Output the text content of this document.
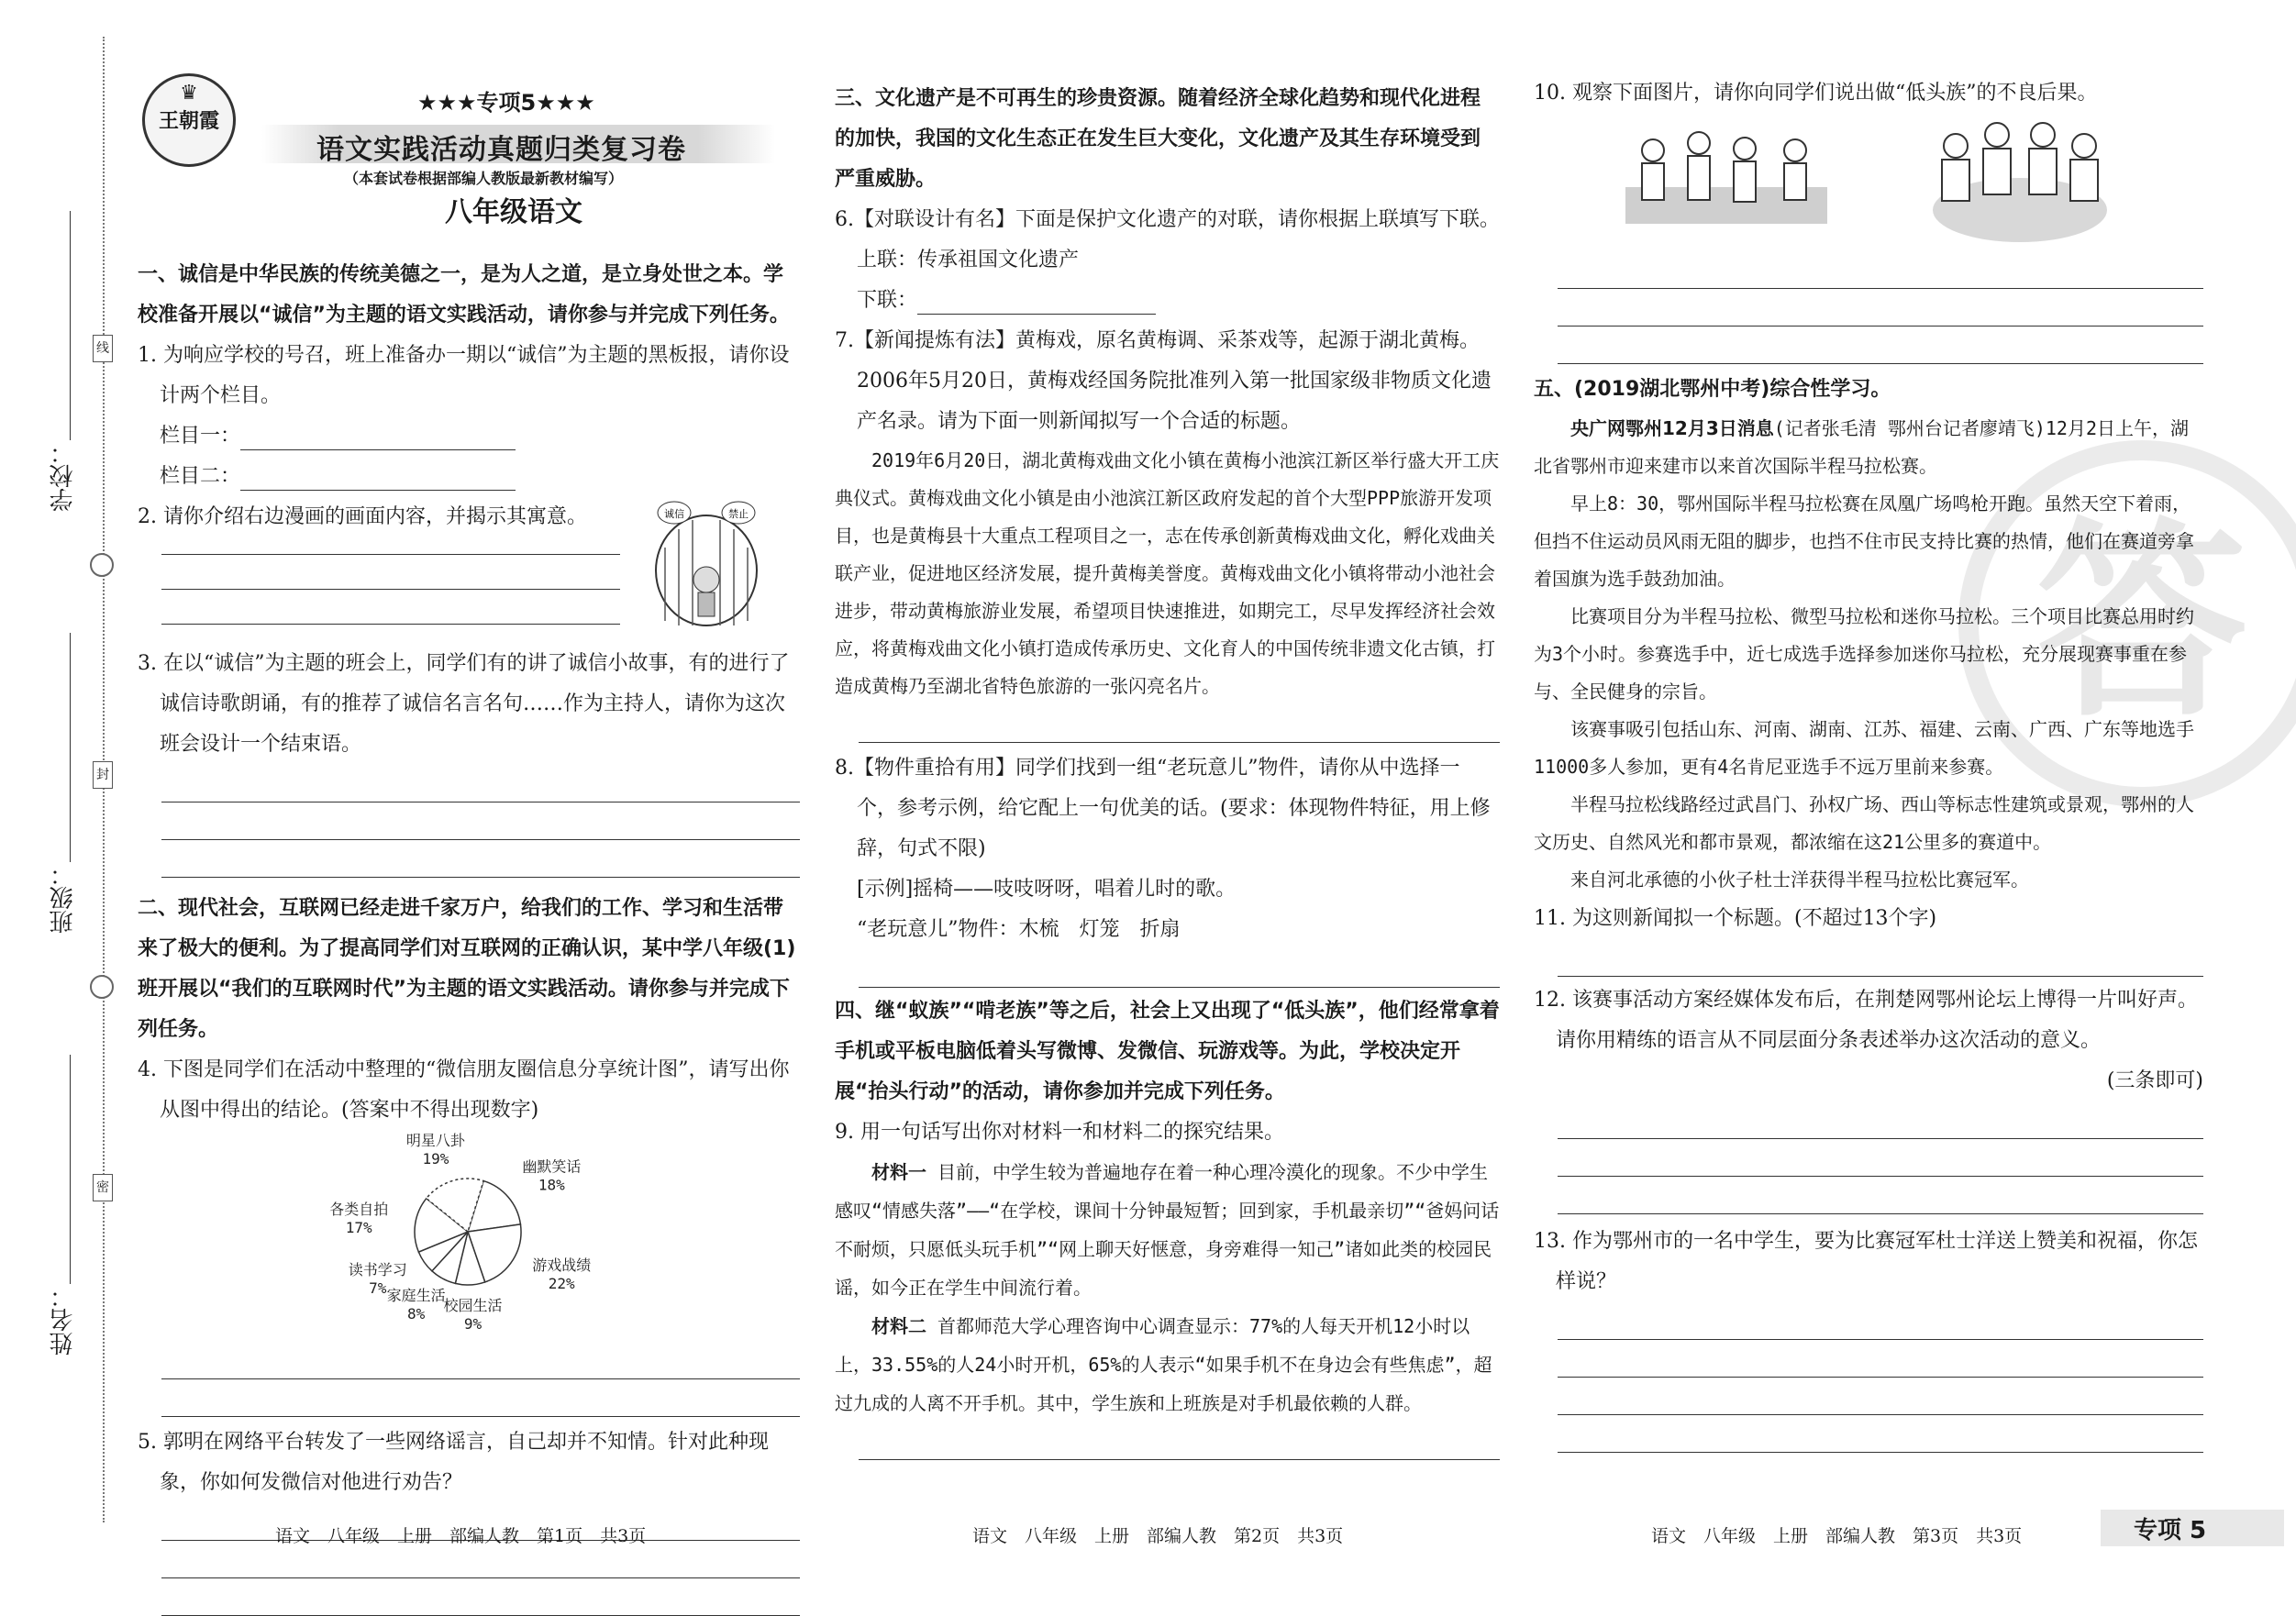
线
封
密
学校：
班级：
姓名：
♛
王朝霞
★★★专项5★★★
语文实践活动真题归类复习卷
（本套试卷根据部编人教版最新教材编写）
八年级语文

一、诚信是中华民族的传统美德之一，是为人之道，是立身处世之本。学校准备开展以“诚信”为主题的语文实践活动，请你参与并完成下列任务。

1. 为响应学校的号召，班上准备办一期以“诚信”为主题的黑板报，请你设计两个栏目。

栏目一：

栏目二：

2. 请你介绍右边漫画的画面内容，并揭示其寓意。	诚信	禁止

3. 在以“诚信”为主题的班会上，同学们有的讲了诚信小故事，有的进行了诚信诗歌朗诵，有的推荐了诚信名言名句……作为主持人，请你为这次班会设计一个结束语。

二、现代社会，互联网已经走进千家万户，给我们的工作、学习和生活带来了极大的便利。为了提高同学们对互联网的正确认识，某中学八年级(1)班开展以“我们的互联网时代”为主题的语文实践活动。请你参与并完成下列任务。

4. 下图是同学们在活动中整理的“微信朋友圈信息分享统计图”，请写出你从图中得出的结论。(答案中不得出现数字)

幽默笑话
18%
游戏战绩
22%
校园生活
9%
家庭生活
8%
读书学习
7%
各类自拍
17%
明星八卦
19%

5. 郭明在网络平台转发了一些网络谣言，自己却并不知情。针对此种现象，你如何发微信对他进行劝告？

三、文化遗产是不可再生的珍贵资源。随着经济全球化趋势和现代化进程的加快，我国的文化生态正在发生巨大变化，文化遗产及其生存环境受到严重威胁。

6.【对联设计有名】下面是保护文化遗产的对联，请你根据上联填写下联。

上联：传承祖国文化遗产

下联：

7.【新闻提炼有法】黄梅戏，原名黄梅调、采茶戏等，起源于湖北黄梅。2006年5月20日，黄梅戏经国务院批准列入第一批国家级非物质文化遗产名录。请为下面一则新闻拟写一个合适的标题。

2019年6月20日，湖北黄梅戏曲文化小镇在黄梅小池滨江新区举行盛大开工庆典仪式。黄梅戏曲文化小镇是由小池滨江新区政府发起的首个大型PPP旅游开发项目，也是黄梅县十大重点工程项目之一，志在传承创新黄梅戏曲文化，孵化戏曲关联产业，促进地区经济发展，提升黄梅美誉度。黄梅戏曲文化小镇将带动小池社会进步，带动黄梅旅游业发展，希望项目快速推进，如期完工，尽早发挥经济社会效应，将黄梅戏曲文化小镇打造成传承历史、文化育人的中国传统非遗文化古镇，打造成黄梅乃至湖北省特色旅游的一张闪亮名片。

8.【物件重拾有用】同学们找到一组“老玩意儿”物件，请你从中选择一个，参考示例，给它配上一句优美的话。(要求：体现物件特征，用上修辞，句式不限)

[示例]摇椅——吱吱呀呀，唱着儿时的歌。

“老玩意儿”物件：木梳　灯笼　折扇

四、继“蚁族”“啃老族”等之后，社会上又出现了“低头族”，他们经常拿着手机或平板电脑低着头写微博、发微信、玩游戏等。为此，学校决定开展“抬头行动”的活动，请你参加并完成下列任务。

9. 用一句话写出你对材料一和材料二的探究结果。

材料一 目前，中学生较为普遍地存在着一种心理冷漠化的现象。不少中学生感叹“情感失落”——“在学校，课间十分钟最短暂；回到家，手机最亲切”“爸妈问话不耐烦，只愿低头玩手机”“网上聊天好惬意，身旁难得一知己”诸如此类的校园民谣，如今正在学生中间流行着。

材料二 首都师范大学心理咨询中心调查显示：77%的人每天开机12小时以上，33.55%的人24小时开机，65%的人表示“如果手机不在身边会有些焦虑”，超过九成的人离不开手机。其中，学生族和上班族是对手机最依赖的人群。

10. 观察下面图片，请你向同学们说出做“低头族”的不良后果。

五、(2019湖北鄂州中考)综合性学习。

央广网鄂州12月3日消息(记者张毛清 鄂州台记者廖靖飞)12月2日上午，湖北省鄂州市迎来建市以来首次国际半程马拉松赛。

早上8：30，鄂州国际半程马拉松赛在凤凰广场鸣枪开跑。虽然天空下着雨，但挡不住运动员风雨无阻的脚步，也挡不住市民支持比赛的热情，他们在赛道旁拿着国旗为选手鼓劲加油。

比赛项目分为半程马拉松、微型马拉松和迷你马拉松。三个项目比赛总用时约为3个小时。参赛选手中，近七成选手选择参加迷你马拉松，充分展现赛事重在参与、全民健身的宗旨。

该赛事吸引包括山东、河南、湖南、江苏、福建、云南、广西、广东等地选手11000多人参加，更有4名肯尼亚选手不远万里前来参赛。

半程马拉松线路经过武昌门、孙权广场、西山等标志性建筑或景观，鄂州的人文历史、自然风光和都市景观，都浓缩在这21公里多的赛道中。

来自河北承德的小伙子杜士洋获得半程马拉松比赛冠军。

11. 为这则新闻拟一个标题。(不超过13个字)

12. 该赛事活动方案经媒体发布后，在荆楚网鄂州论坛上博得一片叫好声。请你用精练的语言从不同层面分条表述举办这次活动的意义。

(三条即可)

13. 作为鄂州市的一名中学生，要为比赛冠军杜士洋送上赞美和祝福，你怎样说？

答
语文　八年级　上册　部编人教　第1页　共3页	语文　八年级　上册　部编人教　第2页　共3页	语文　八年级　上册　部编人教　第3页　共3页	专项 5
